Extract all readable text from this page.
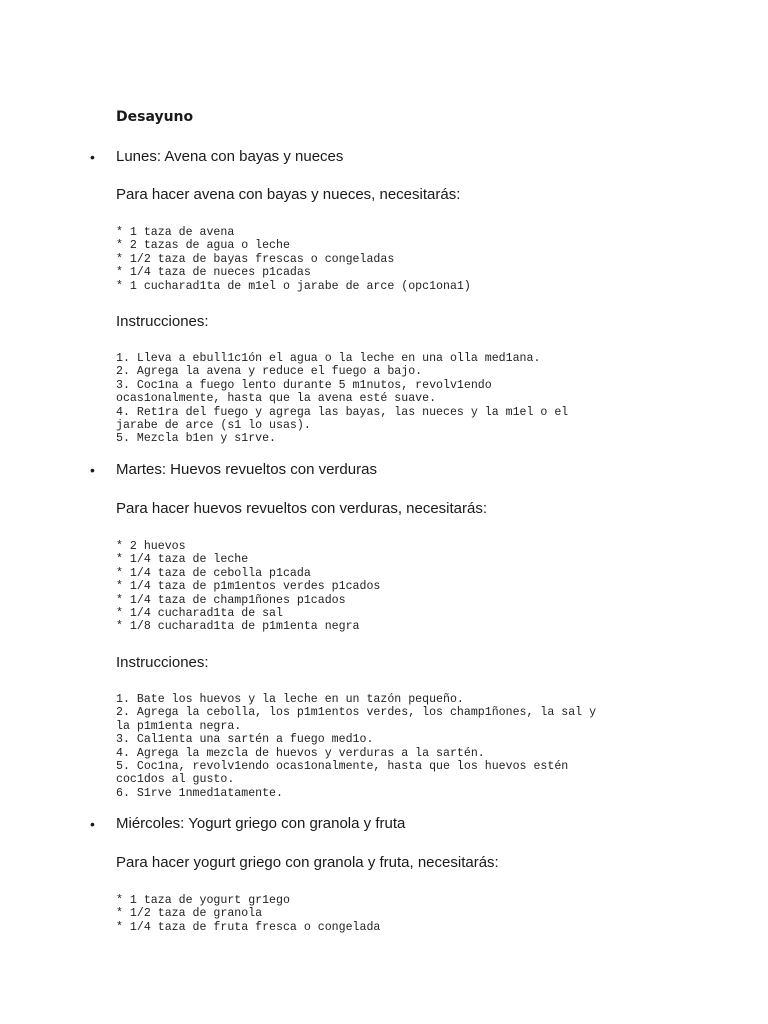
Desayuno
• Lunes: Avena con bayas y nueces
Para hacer avena con bayas y nueces, necesitarás:
* 1 taza de avena
* 2 tazas de agua o leche
* 1/2 taza de bayas frescas o congeladas
* 1/4 taza de nueces p1cadas
* 1 cucharad1ta de m1el o jarabe de arce (opc1ona1)
Instrucciones:
1. Lleva a ebull1c1ón el agua o la leche en una olla med1ana.
2. Agrega la avena y reduce el fuego a bajo.
3. Coc1na a fuego lento durante 5 m1nutos, revolv1endo
ocas1onalmente, hasta que la avena esté suave.
4. Ret1ra del fuego y agrega las bayas, las nueces y la m1el o el
jarabe de arce (s1 lo usas).
5. Mezcla b1en y s1rve.
• Martes: Huevos revueltos con verduras
Para hacer huevos revueltos con verduras, necesitarás:
* 2 huevos
* 1/4 taza de leche
* 1/4 taza de cebolla p1cada
* 1/4 taza de p1m1entos verdes p1cados
* 1/4 taza de champ1ñones p1cados
* 1/4 cucharad1ta de sal
* 1/8 cucharad1ta de p1m1enta negra
Instrucciones:
1. Bate los huevos y la leche en un tazón pequeño.
2. Agrega la cebolla, los p1m1entos verdes, los champ1ñones, la sal y
la p1m1enta negra.
3. Cal1enta una sartén a fuego med1o.
4. Agrega la mezcla de huevos y verduras a la sartén.
5. Coc1na, revolv1endo ocas1onalmente, hasta que los huevos estén
coc1dos al gusto.
6. S1rve 1nmed1atamente.
• Miércoles: Yogurt griego con granola y fruta
Para hacer yogurt griego con granola y fruta, necesitarás:
* 1 taza de yogurt gr1ego
* 1/2 taza de granola
* 1/4 taza de fruta fresca o congelada
